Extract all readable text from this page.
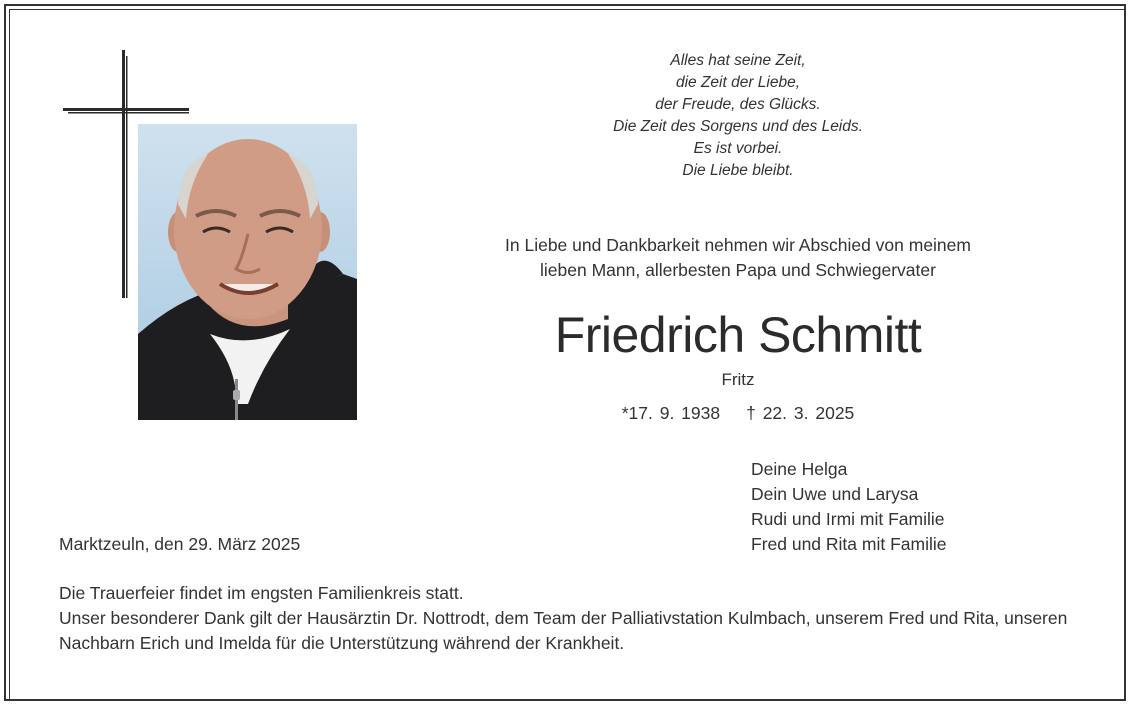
Alles hat seine Zeit,
die Zeit der Liebe,
der Freude, des Glücks.
Die Zeit des Sorgens und des Leids.
Es ist vorbei.
Die Liebe bleibt.
In Liebe und Dankbarkeit nehmen wir Abschied von meinem
lieben Mann, allerbesten Papa und Schwiegervater
Friedrich Schmitt
Fritz
*17. 9. 1938 † 22. 3. 2025
Deine Helga
Dein Uwe und Larysa
Rudi und Irmi mit Familie
Fred und Rita mit Familie
Marktzeuln, den 29. März 2025

Die Trauerfeier findet im engsten Familienkreis statt.

Unser besonderer Dank gilt der Hausärztin Dr. Nottrodt, dem Team der Palliativstation Kulmbach, unserem Fred und Rita, unseren Nachbarn Erich und Imelda für die Unterstützung während der Krankheit.
